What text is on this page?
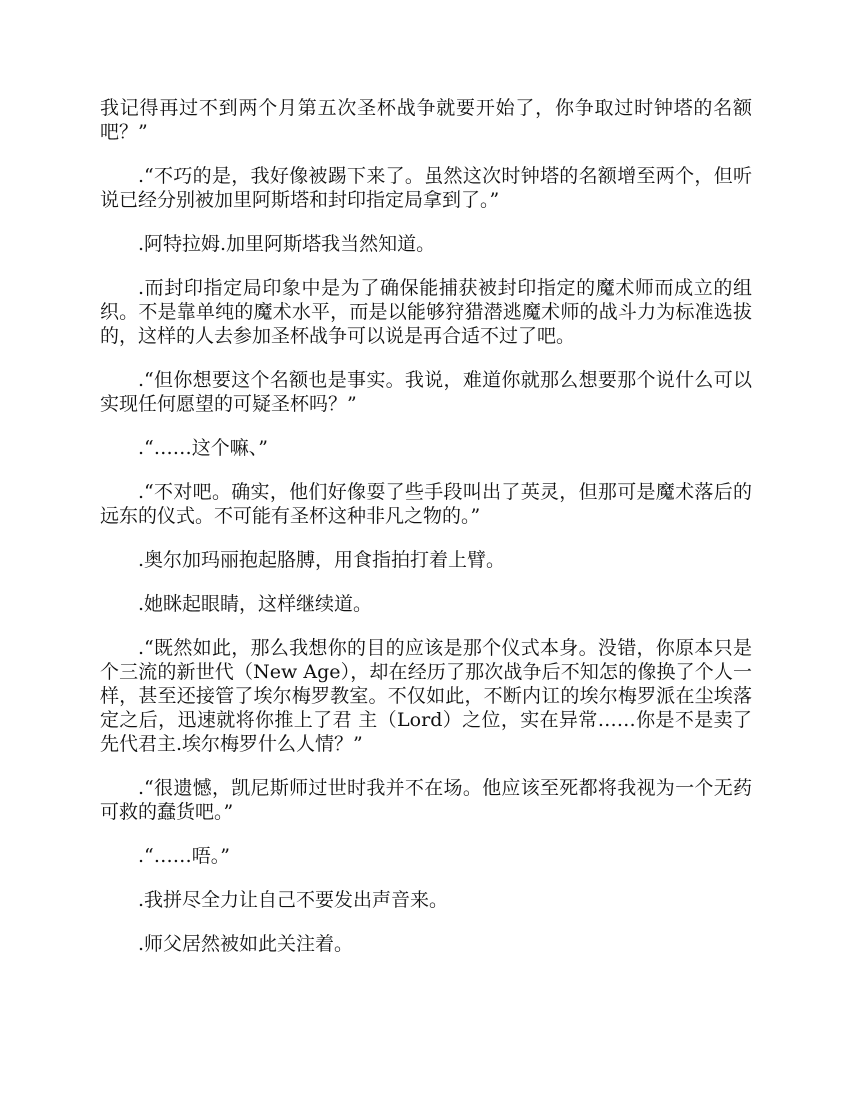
我记得再过不到两个月第五次圣杯战争就要开始了，你争取过时钟塔的名额吧？”

.“不巧的是，我好像被踢下来了。虽然这次时钟塔的名额增至两个，但听说已经分别被加里阿斯塔和封印指定局拿到了。”

.阿特拉姆.加里阿斯塔我当然知道。

.而封印指定局印象中是为了确保能捕获被封印指定的魔术师而成立的组织。不是靠单纯的魔术水平，而是以能够狩猎潜逃魔术师的战斗力为标准选拔的，这样的人去参加圣杯战争可以说是再合适不过了吧。

.“但你想要这个名额也是事实。我说，难道你就那么想要那个说什么可以实现任何愿望的可疑圣杯吗？”

.“……这个嘛、”

.“不对吧。确实，他们好像耍了些手段叫出了英灵，但那可是魔术落后的远东的仪式。不可能有圣杯这种非凡之物的。”

.奥尔加玛丽抱起胳膊，用食指拍打着上臂。

.她眯起眼睛，这样继续道。

.“既然如此，那么我想你的目的应该是那个仪式本身。没错，你原本只是个三流的新世代（New Age），却在经历了那次战争后不知怎的像换了个人一样，甚至还接管了埃尔梅罗教室。不仅如此，不断内讧的埃尔梅罗派在尘埃落定之后，迅速就将你推上了君 主（Lord）之位，实在异常……你是不是卖了先代君主.埃尔梅罗什么人情？”

.“很遗憾，凯尼斯师过世时我并不在场。他应该至死都将我视为一个无药可救的蠢货吧。”

.“……唔。”

.我拼尽全力让自己不要发出声音来。

.师父居然被如此关注着。
